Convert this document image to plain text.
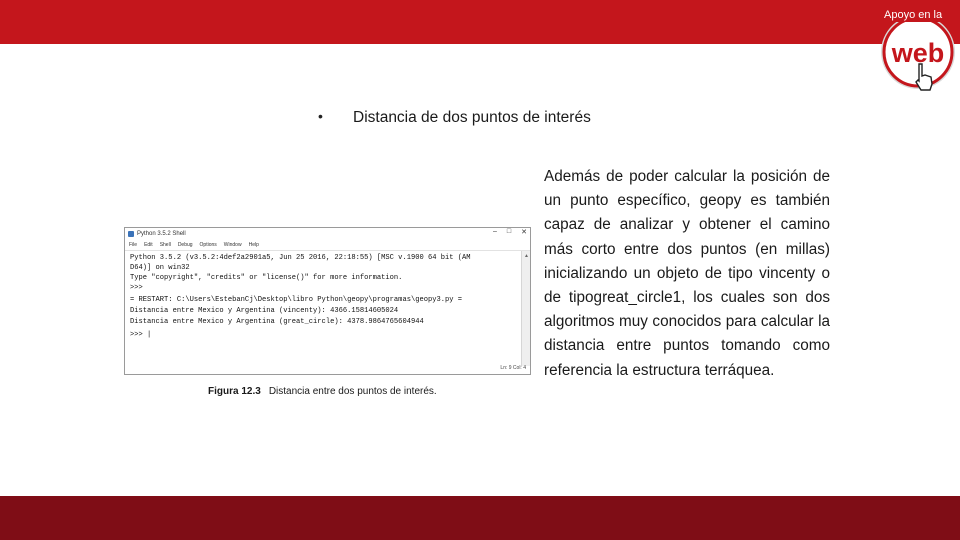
Apoyo en la
web
• Distancia de dos puntos de interés
Además de poder calcular la posición de un punto específico, geopy es también capaz de analizar y obtener el camino más corto entre dos puntos (en millas) inicializando un objeto de tipo vincenty o de tipogreat_circle1, los cuales son dos algoritmos muy conocidos para calcular la distancia entre puntos tomando como referencia la estructura terráquea.
Python 3.5.2 Shell	– □ ✕
File Edit Shell Debug Options Window Help
Python 3.5.2 (v3.5.2:4def2a2901a5, Jun 25 2016, 22:18:55) [MSC v.1900 64 bit (AM
D64)] on win32
Type "copyright", "credits" or "license()" for more information.
>>>
= RESTART: C:\Users\EstebanCj\Desktop\libro Python\geopy\programas\geopy3.py =
Distancia entre Mexico y Argentina (vincenty): 4366.15814605024
Distancia entre Mexico y Argentina (great_circle): 4378.9864765604944
>>> |
▲
Ln: 9 Col: 4
Figura 12.3 Distancia entre dos puntos de interés.
